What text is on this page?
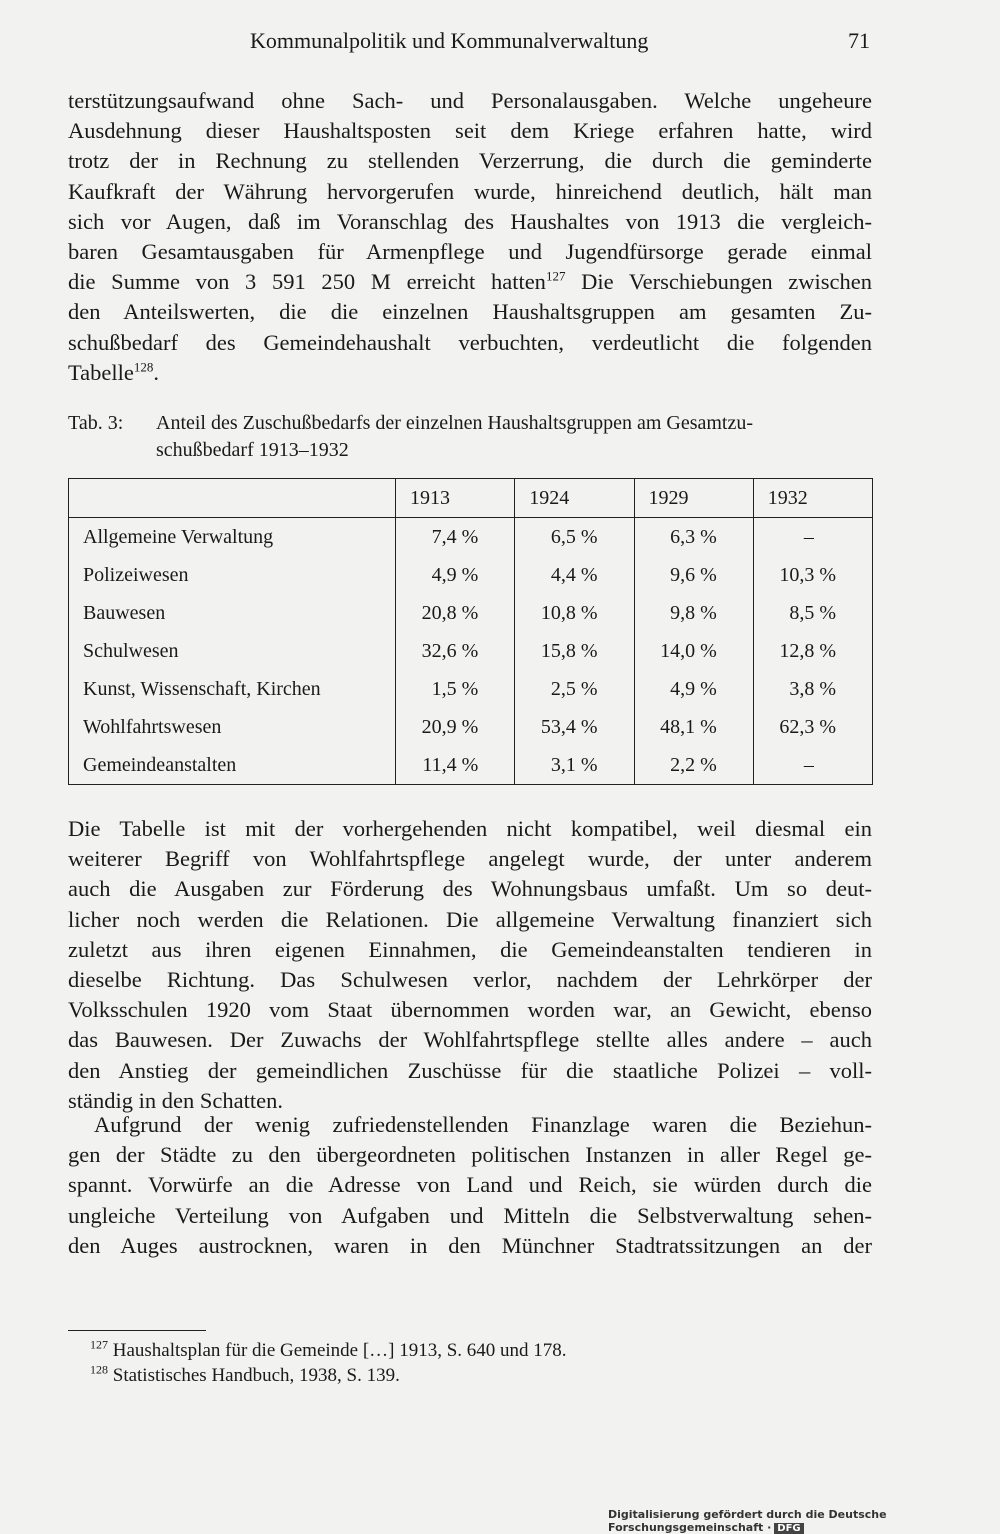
Kommunalpolitik und Kommunalverwaltung	71
terstützungsaufwand ohne Sach- und Personalausgaben. Welche ungeheure
Ausdehnung dieser Haushaltsposten seit dem Kriege erfahren hatte, wird
trotz der in Rechnung zu stellenden Verzerrung, die durch die geminderte
Kaufkraft der Währung hervorgerufen wurde, hinreichend deutlich, hält man
sich vor Augen, daß im Voranschlag des Haushaltes von 1913 die vergleich-
baren Gesamtausgaben für Armenpflege und Jugendfürsorge gerade einmal
die Summe von 3 591 250 M erreicht hatten$^{127}$ Die Verschiebungen zwischen
den Anteilswerten, die die einzelnen Haushaltsgruppen am gesamten Zu-
schußbedarf des Gemeindehaushalt verbuchten, verdeutlicht die folgenden
Tabelle$^{128}$.
Tab. 3: Anteil des Zuschußbedarfs der einzelnen Haushaltsgruppen am Gesamtzu-
schußbedarf 1913–1932
	1913	1924	1929	1932
Allgemeine Verwaltung	7,4 %	6,5 %	6,3 %	–
Polizeiwesen	4,9 %	4,4 %	9,6 %	10,3 %
Bauwesen	20,8 %	10,8 %	9,8 %	8,5 %
Schulwesen	32,6 %	15,8 %	14,0 %	12,8 %
Kunst, Wissenschaft, Kirchen	1,5 %	2,5 %	4,9 %	3,8 %
Wohlfahrtswesen	20,9 %	53,4 %	48,1 %	62,3 %
Gemeindeanstalten	11,4 %	3,1 %	2,2 %	–
Die Tabelle ist mit der vorhergehenden nicht kompatibel, weil diesmal ein
weiterer Begriff von Wohlfahrtspflege angelegt wurde, der unter anderem
auch die Ausgaben zur Förderung des Wohnungsbaus umfaßt. Um so deut-
licher noch werden die Relationen. Die allgemeine Verwaltung finanziert sich
zuletzt aus ihren eigenen Einnahmen, die Gemeindeanstalten tendieren in
dieselbe Richtung. Das Schulwesen verlor, nachdem der Lehrkörper der
Volksschulen 1920 vom Staat übernommen worden war, an Gewicht, ebenso
das Bauwesen. Der Zuwachs der Wohlfahrtspflege stellte alles andere – auch
den Anstieg der gemeindlichen Zuschüsse für die staatliche Polizei – voll-
ständig in den Schatten.
Aufgrund der wenig zufriedenstellenden Finanzlage waren die Beziehun-
gen der Städte zu den übergeordneten politischen Instanzen in aller Regel ge-
spannt. Vorwürfe an die Adresse von Land und Reich, sie würden durch die
ungleiche Verteilung von Aufgaben und Mitteln die Selbstverwaltung sehen-
den Auges austrocknen, waren in den Münchner Stadtratssitzungen an der
$^{127}$ Haushaltsplan für die Gemeinde […] 1913, S. 640 und 178.
$^{128}$ Statistisches Handbuch, 1938, S. 139.
Digitalisierung gefördert durch die Deutsche Forschungsgemeinschaft · DFG
